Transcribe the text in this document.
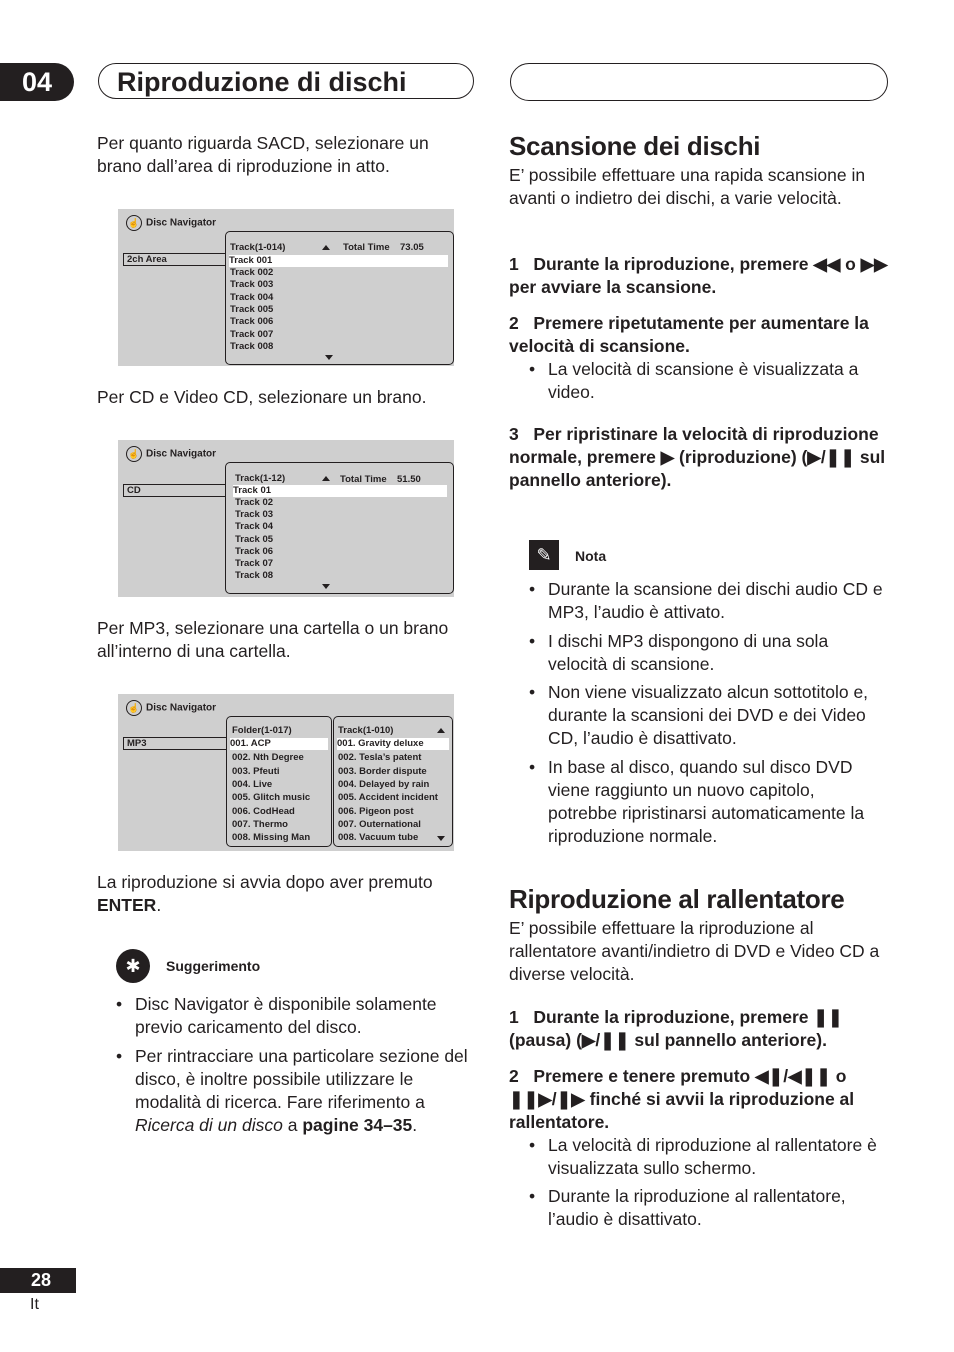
04	Riproduzione di dischi
Per quanto riguarda SACD, selezionare un brano dall’area di riproduzione in atto.
☝ Disc Navigator
2ch Area
Track(1-014)	Total Time 73.05
Track 001
Track 002
Track 003
Track 004
Track 005
Track 006
Track 007
Track 008
Per CD e Video CD, selezionare un brano.
☝ Disc Navigator
CD
Track(1-12)	Total Time 51.50
Track 01
Track 02
Track 03
Track 04
Track 05
Track 06
Track 07
Track 08
Per MP3, selezionare una cartella o un brano all’interno di una cartella.
☝ Disc Navigator
MP3
Folder(1-017)
001. ACP
002. Nth Degree
003. Pfeuti
004. Live
005. Glitch music
006. CodHead
007. Thermo
008. Missing Man
Track(1-010)
001. Gravity deluxe
002. Tesla’s patent
003. Border dispute
004. Delayed by rain
005. Accident incident
006. Pigeon post
007. Outernational
008. Vacuum tube
La riproduzione si avvia dopo aver premuto
ENTER.
✱	Suggerimento
• Disc Navigator è disponibile solamente previo caricamento del disco.
• Per rintracciare una particolare sezione del disco, è inoltre possibile utilizzare le modalità di ricerca. Fare riferimento a Ricerca di un disco a pagine 34–35.
Scansione dei dischi
E’ possibile effettuare una rapida scansione in avanti o indietro dei dischi, a varie velocità.
1 Durante la riproduzione, premere ◀◀ o ▶▶ per avviare la scansione.
2 Premere ripetutamente per aumentare la velocità di scansione.
• La velocità di scansione è visualizzata a video.
3 Per ripristinare la velocità di riproduzione normale, premere ▶ (riproduzione) (▶/❚❚ sul pannello anteriore).
✎	Nota
• Durante la scansione dei dischi audio CD e MP3, l’audio è attivato.
• I dischi MP3 dispongono di una sola velocità di scansione.
• Non viene visualizzato alcun sottotitolo e, durante la scansioni dei DVD e dei Video CD, l’audio è disattivato.
• In base al disco, quando sul disco DVD viene raggiunto un nuovo capitolo, potrebbe ripristinarsi automaticamente la riproduzione normale.
Riproduzione al rallentatore
E’ possibile effettuare la riproduzione al rallentatore avanti/indietro di DVD e Video CD a diverse velocità.
1 Durante la riproduzione, premere ❚❚ (pausa) (▶/❚❚ sul pannello anteriore).
2 Premere e tenere premuto ◀❚/◀❚❚ o ❚❚▶/❚▶ finché si avvii la riproduzione al rallentatore.
• La velocità di riproduzione al rallentatore è visualizzata sullo schermo.
• Durante la riproduzione al rallentatore, l’audio è disattivato.
28
It
